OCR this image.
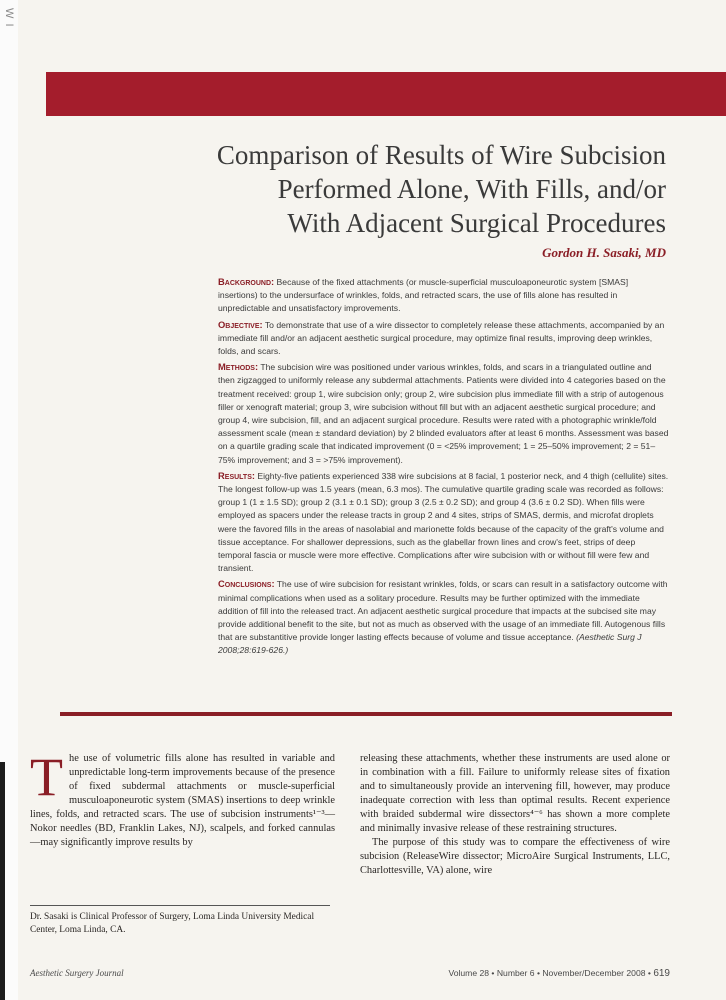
W I
Comparison of Results of Wire Subcision
Performed Alone, With Fills, and/or
With Adjacent Surgical Procedures
Gordon H. Sasaki, MD

Background: Because of the fixed attachments (or muscle-superficial musculoaponeurotic system [SMAS] insertions) to the undersurface of wrinkles, folds, and retracted scars, the use of fills alone has resulted in unpredictable and unsatisfactory improvements.

Objective: To demonstrate that use of a wire dissector to completely release these attachments, accompanied by an immediate fill and/or an adjacent aesthetic surgical procedure, may optimize final results, improving deep wrinkles, folds, and scars.

Methods: The subcision wire was positioned under various wrinkles, folds, and scars in a triangulated outline and then zigzagged to uniformly release any subdermal attachments. Patients were divided into 4 categories based on the treatment received: group 1, wire subcision only; group 2, wire subcision plus immediate fill with a strip of autogenous filler or xenograft material; group 3, wire subcision without fill but with an adjacent aesthetic surgical procedure; and group 4, wire subcision, fill, and an adjacent surgical procedure. Results were rated with a photographic wrinkle/fold assessment scale (mean ± standard deviation) by 2 blinded evaluators after at least 6 months. Assessment was based on a quartile grading scale that indicated improvement (0 = <25% improvement; 1 = 25–50% improvement; 2 = 51–75% improvement; and 3 = >75% improvement).

Results: Eighty-five patients experienced 338 wire subcisions at 8 facial, 1 posterior neck, and 4 thigh (cellulite) sites. The longest follow-up was 1.5 years (mean, 6.3 mos). The cumulative quartile grading scale was recorded as follows: group 1 (1 ± 1.5 SD); group 2 (3.1 ± 0.1 SD); group 3 (2.5 ± 0.2 SD); and group 4 (3.6 ± 0.2 SD). When fills were employed as spacers under the release tracts in group 2 and 4 sites, strips of SMAS, dermis, and microfat droplets were the favored fills in the areas of nasolabial and marionette folds because of the capacity of the graft's volume and tissue acceptance. For shallower depressions, such as the glabellar frown lines and crow's feet, strips of deep temporal fascia or muscle were more effective. Complications after wire subcision with or without fill were few and transient.

Conclusions: The use of wire subcision for resistant wrinkles, folds, or scars can result in a satisfactory outcome with minimal complications when used as a solitary procedure. Results may be further optimized with the immediate addition of fill into the released tract. An adjacent aesthetic surgical procedure that impacts at the subcised site may provide additional benefit to the site, but not as much as observed with the usage of an immediate fill. Autogenous fills that are substantitive provide longer lasting effects because of volume and tissue acceptance. (Aesthetic Surg J 2008;28:619-626.)

The use of volumetric fills alone has resulted in variable and unpredictable long-term improvements because of the presence of fixed subdermal attachments or muscle-superficial musculoaponeurotic system (SMAS) insertions to deep wrinkle lines, folds, and retracted scars. The use of subcision instruments¹⁻³—Nokor needles (BD, Franklin Lakes, NJ), scalpels, and forked cannulas—may significantly improve results by

releasing these attachments, whether these instruments are used alone or in combination with a fill. Failure to uniformly release sites of fixation and to simultaneously provide an intervening fill, however, may produce inadequate correction with less than optimal results. Recent experience with braided subdermal wire dissectors⁴⁻⁶ has shown a more complete and minimally invasive release of these restraining structures.

The purpose of this study was to compare the effectiveness of wire subcision (ReleaseWire dissector; MicroAire Surgical Instruments, LLC, Charlottesville, VA) alone, wire

Dr. Sasaki is Clinical Professor of Surgery, Loma Linda University Medical Center, Loma Linda, CA.
Aesthetic Surgery Journal	Volume 28 • Number 6 • November/December 2008 • 619
